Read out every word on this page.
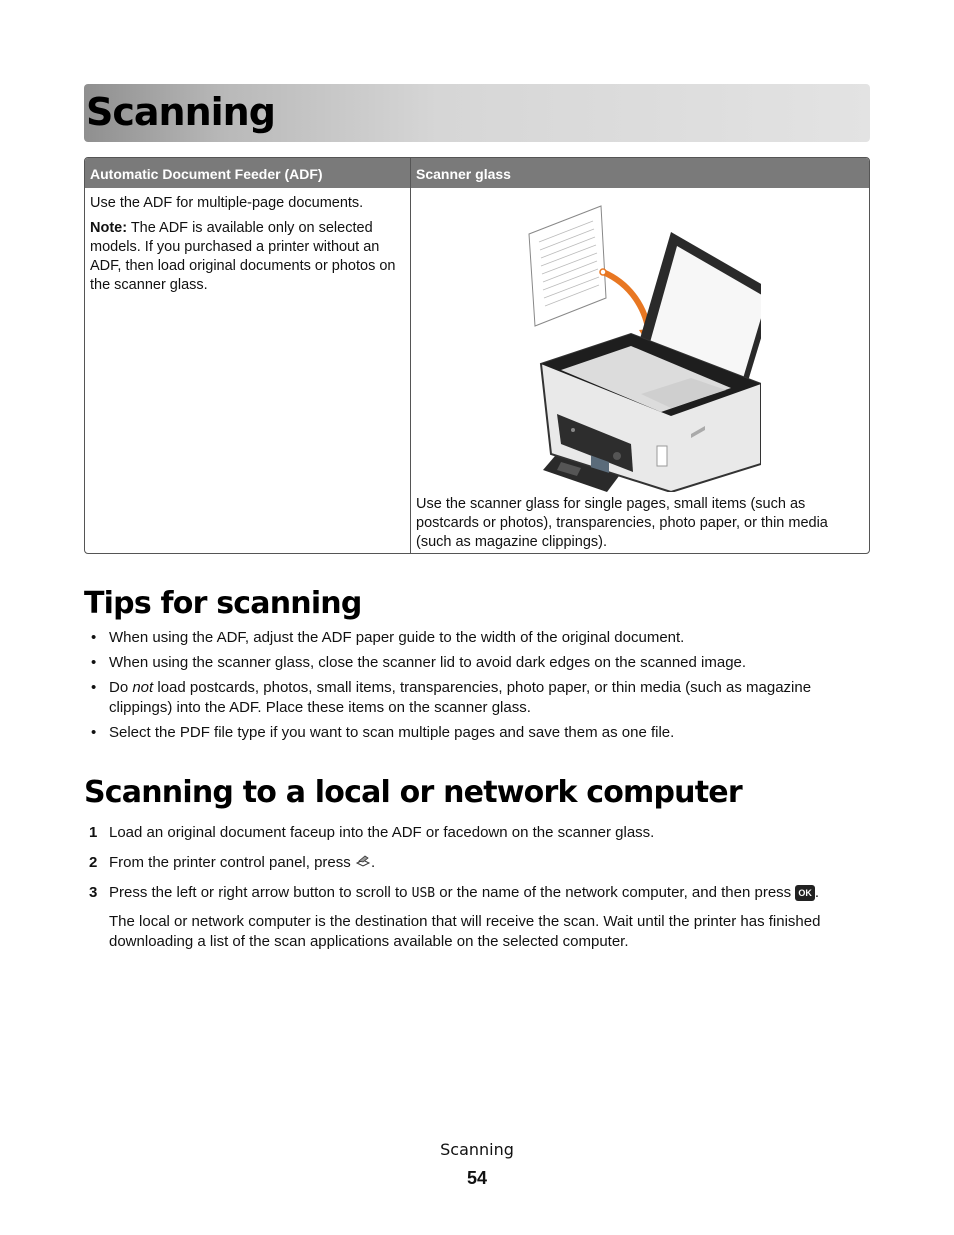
Scanning
Automatic Document Feeder (ADF)	Scanner glass

Use the ADF for multiple-page documents.

Note: The ADF is available only on selected models. If you purchased a printer without an ADF, then load original documents or photos on the scanner glass.

Use the scanner glass for single pages, small items (such as postcards or photos), transparencies, photo paper, or thin media (such as magazine clippings).
Tips for scanning
• When using the ADF, adjust the ADF paper guide to the width of the original document.
• When using the scanner glass, close the scanner lid to avoid dark edges on the scanned image.
• Do not load postcards, photos, small items, transparencies, photo paper, or thin media (such as magazine clippings) into the ADF. Place these items on the scanner glass.
• Select the PDF file type if you want to scan multiple pages and save them as one file.
Scanning to a local or network computer
1 Load an original document faceup into the ADF or facedown on the scanner glass.
2 From the printer control panel, press .
3 Press the left or right arrow button to scroll to USB or the name of the network computer, and then press OK .
The local or network computer is the destination that will receive the scan. Wait until the printer has finished downloading a list of the scan applications available on the selected computer.
Scanning
54
